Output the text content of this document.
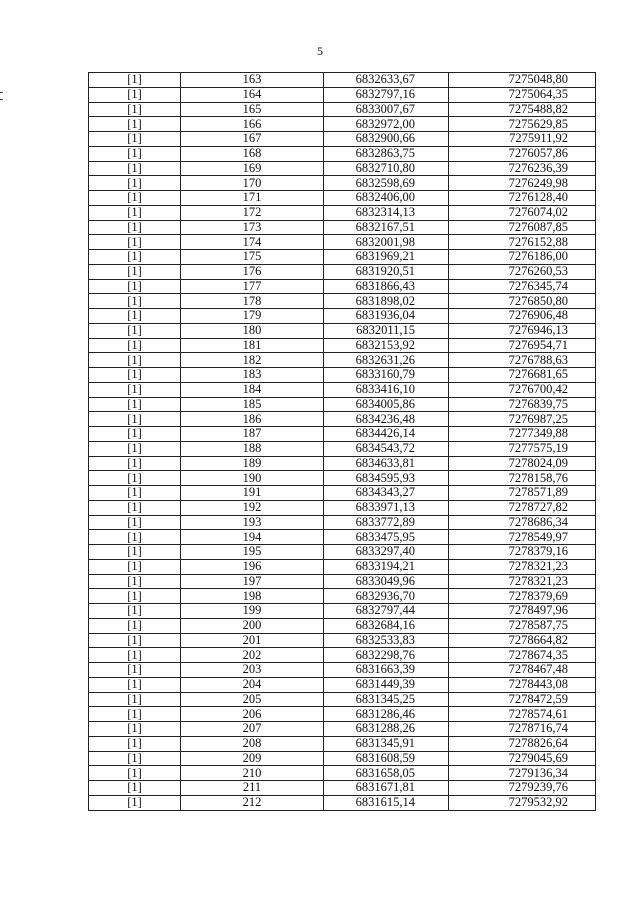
5
[1]	163	6832633,67	7275048,80
[1]	164	6832797,16	7275064,35
[1]	165	6833007,67	7275488,82
[1]	166	6832972,00	7275629,85
[1]	167	6832900,66	7275911,92
[1]	168	6832863,75	7276057,86
[1]	169	6832710,80	7276236,39
[1]	170	6832598,69	7276249,98
[1]	171	6832406,00	7276128,40
[1]	172	6832314,13	7276074,02
[1]	173	6832167,51	7276087,85
[1]	174	6832001,98	7276152,88
[1]	175	6831969,21	7276186,00
[1]	176	6831920,51	7276260,53
[1]	177	6831866,43	7276345,74
[1]	178	6831898,02	7276850,80
[1]	179	6831936,04	7276906,48
[1]	180	6832011,15	7276946,13
[1]	181	6832153,92	7276954,71
[1]	182	6832631,26	7276788,63
[1]	183	6833160,79	7276681,65
[1]	184	6833416,10	7276700,42
[1]	185	6834005,86	7276839,75
[1]	186	6834236,48	7276987,25
[1]	187	6834426,14	7277349,88
[1]	188	6834543,72	7277575,19
[1]	189	6834633,81	7278024,09
[1]	190	6834595,93	7278158,76
[1]	191	6834343,27	7278571,89
[1]	192	6833971,13	7278727,82
[1]	193	6833772,89	7278686,34
[1]	194	6833475,95	7278549,97
[1]	195	6833297,40	7278379,16
[1]	196	6833194,21	7278321,23
[1]	197	6833049,96	7278321,23
[1]	198	6832936,70	7278379,69
[1]	199	6832797,44	7278497,96
[1]	200	6832684,16	7278587,75
[1]	201	6832533,83	7278664,82
[1]	202	6832298,76	7278674,35
[1]	203	6831663,39	7278467,48
[1]	204	6831449,39	7278443,08
[1]	205	6831345,25	7278472,59
[1]	206	6831286,46	7278574,61
[1]	207	6831288,26	7278716,74
[1]	208	6831345,91	7278826,64
[1]	209	6831608,59	7279045,69
[1]	210	6831658,05	7279136,34
[1]	211	6831671,81	7279239,76
[1]	212	6831615,14	7279532,92
